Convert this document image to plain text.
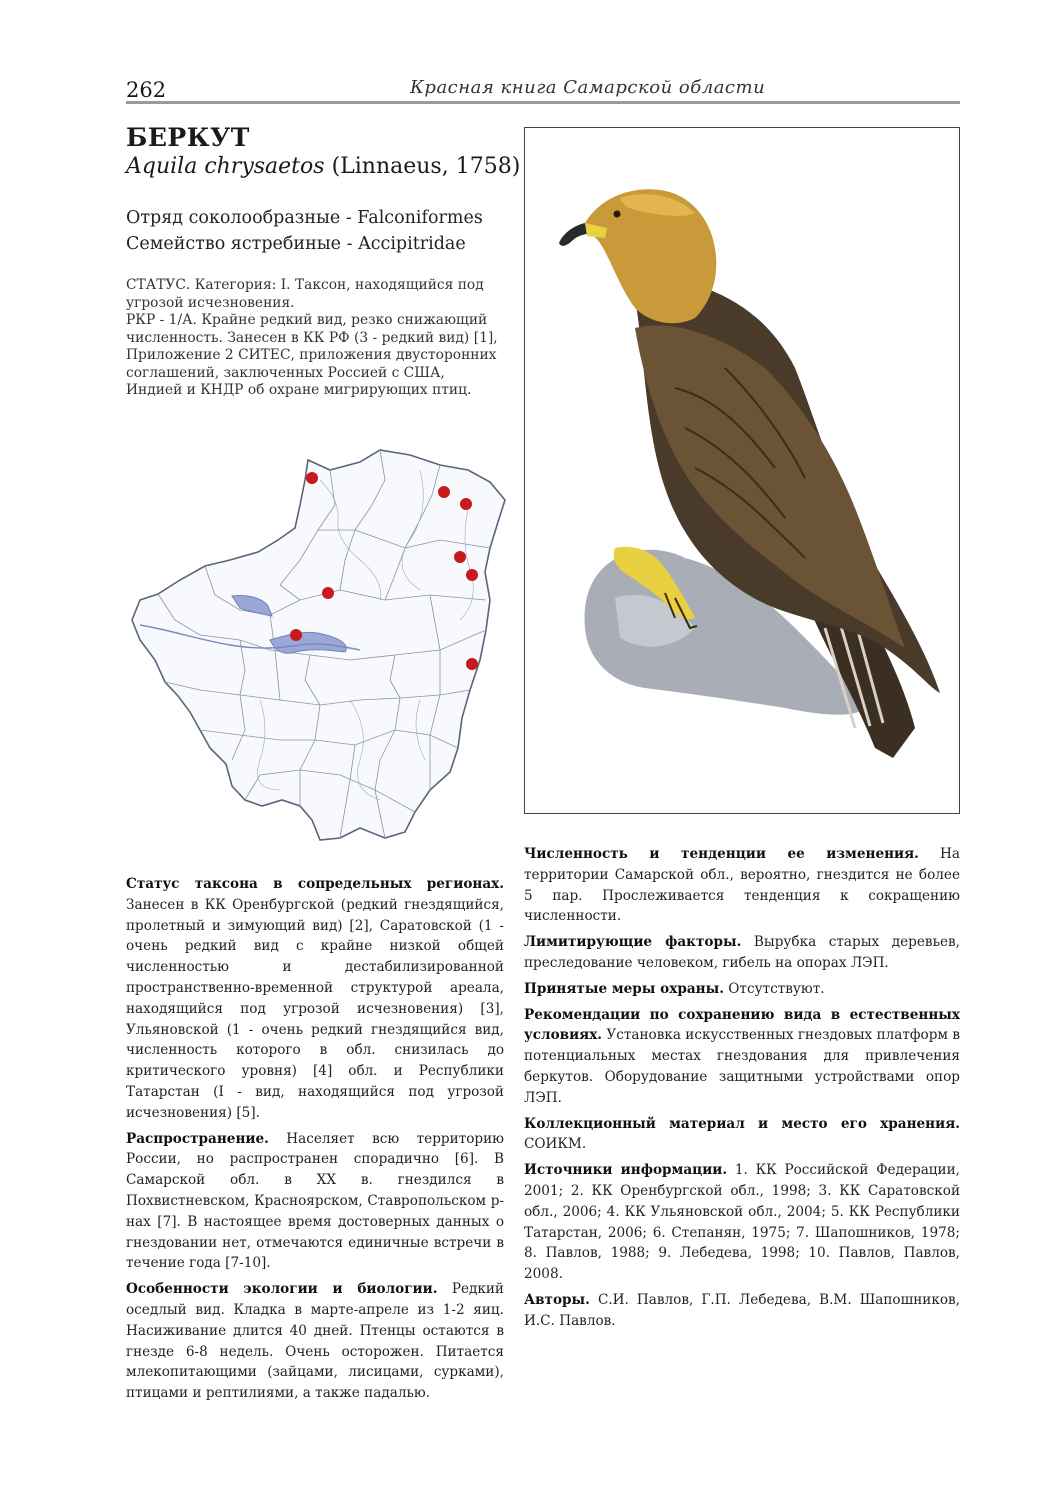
262	Красная книга Самарской области
БЕРКУТ
Aquila chrysaetos (Linnaeus, 1758)
Отряд соколообразные - Falconiformes
Семейство ястребиные - Accipitridae

СТАТУС. Категория: I. Таксон, находящийся под угрозой исчезновения.

РКР - 1/А. Крайне редкий вид, резко снижающий численность. Занесен в КК РФ (3 - редкий вид) [1], Приложение 2 СИТЕС, приложения двусторонних соглашений, заключенных Россией с США, Индией и КНДР об охране мигрирующих птиц.

Статус таксона в сопредельных регионах. Занесен в КК Оренбургской (редкий гнездящийся, пролетный и зимующий вид) [2], Саратовской (1 - очень редкий вид с крайне низкой общей численностью и дестабилизированной пространственно-временной структурой ареала, находящийся под угрозой исчезновения) [3], Ульяновской (1 - очень редкий гнездящийся вид, численность которого в обл. снизилась до критического уровня) [4] обл. и Республики Татарстан (I - вид, находящийся под угрозой исчезновения) [5].

Распространение. Населяет всю территорию России, но распространен спорадично [6]. В Самарской обл. в XX в. гнездился в Похвистневском, Красноярском, Ставропольском р-нах [7]. В настоящее время достоверных данных о гнездовании нет, отмечаются единичные встречи в течение года [7-10].

Особенности экологии и биологии. Редкий оседлый вид. Кладка в марте-апреле из 1-2 яиц. Насиживание длится 40 дней. Птенцы остаются в гнезде 6-8 недель. Очень осторожен. Питается млекопитающими (зайцами, лисицами, сурками), птицами и рептилиями, а также падалью.

Численность и тенденции ее изменения. На территории Самарской обл., вероятно, гнездится не более 5 пар. Прослеживается тенденция к сокращению численности.

Лимитирующие факторы. Вырубка старых деревьев, преследование человеком, гибель на опорах ЛЭП.

Принятые меры охраны. Отсутствуют.

Рекомендации по сохранению вида в естественных условиях. Установка искусственных гнездовых платформ в потенциальных местах гнездования для привлечения беркутов. Оборудование защитными устройствами опор ЛЭП.

Коллекционный материал и место его хранения. СОИКМ.

Источники информации. 1. КК Российской Федерации, 2001; 2. КК Оренбургской обл., 1998; 3. КК Саратовской обл., 2006; 4. КК Ульяновской обл., 2004; 5. КК Республики Татарстан, 2006; 6. Степанян, 1975; 7. Шапошников, 1978; 8. Павлов, 1988; 9. Лебедева, 1998; 10. Павлов, Павлов, 2008.

Авторы. С.И. Павлов, Г.П. Лебедева, В.М. Шапошников, И.С. Павлов.
